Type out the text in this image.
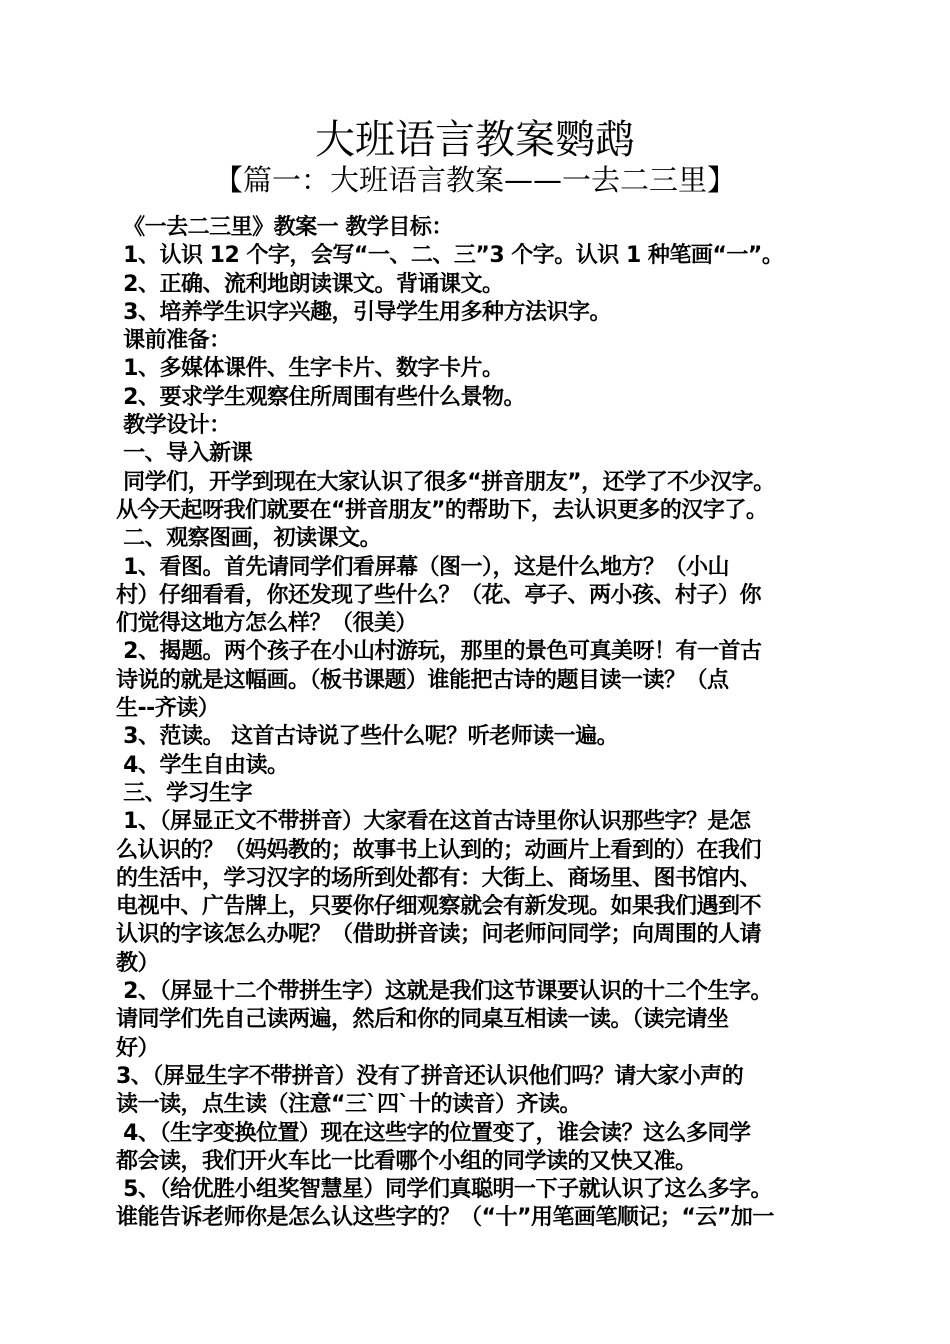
大班语言教案鹦鹉
【篇一：大班语言教案——一去二三里】

《一去二三里》教案一 教学目标：

1、认识 12 个字，会写“一、二、三”3 个字。认识 1 种笔画“一”。

2、正确、流利地朗读课文。背诵课文。

3、培养学生识字兴趣，引导学生用多种方法识字。

课前准备：

1、多媒体课件、生字卡片、数字卡片。

2、要求学生观察住所周围有些什么景物。

教学设计：

一、导入新课

同学们，开学到现在大家认识了很多“拼音朋友”，还学了不少汉字。

从今天起呀我们就要在“拼音朋友”的帮助下，去认识更多的汉字了。

二、观察图画，初读课文。

1、看图。首先请同学们看屏幕（图一），这是什么地方？（小山

村）仔细看看，你还发现了些什么？（花、亭子、两小孩、村子）你

们觉得这地方怎么样？（很美）

2、揭题。两个孩子在小山村游玩，那里的景色可真美呀！有一首古

诗说的就是这幅画。（板书课题）谁能把古诗的题目读一读？（点

生--齐读）

3、范读。 这首古诗说了些什么呢？听老师读一遍。

4、学生自由读。

三、学习生字

1、（屏显正文不带拼音）大家看在这首古诗里你认识那些字？是怎

么认识的？（妈妈教的；故事书上认到的；动画片上看到的）在我们

的生活中，学习汉字的场所到处都有：大街上、商场里、图书馆内、

电视中、广告牌上，只要你仔细观察就会有新发现。如果我们遇到不

认识的字该怎么办呢？（借助拼音读；问老师问同学；向周围的人请

教）

2、（屏显十二个带拼生字）这就是我们这节课要认识的十二个生字。

请同学们先自己读两遍，然后和你的同桌互相读一读。（读完请坐

好）

3、（屏显生字不带拼音）没有了拼音还认识他们吗？请大家小声的

读一读，点生读（注意“三`四`十的读音）齐读。

4、（生字变换位置）现在这些字的位置变了，谁会读？这么多同学

都会读，我们开火车比一比看哪个小组的同学读的又快又准。

5、（给优胜小组奖智慧星）同学们真聪明一下子就认识了这么多字。

谁能告诉老师你是怎么认这些字的？（“十”用笔画笔顺记；“云”加一
